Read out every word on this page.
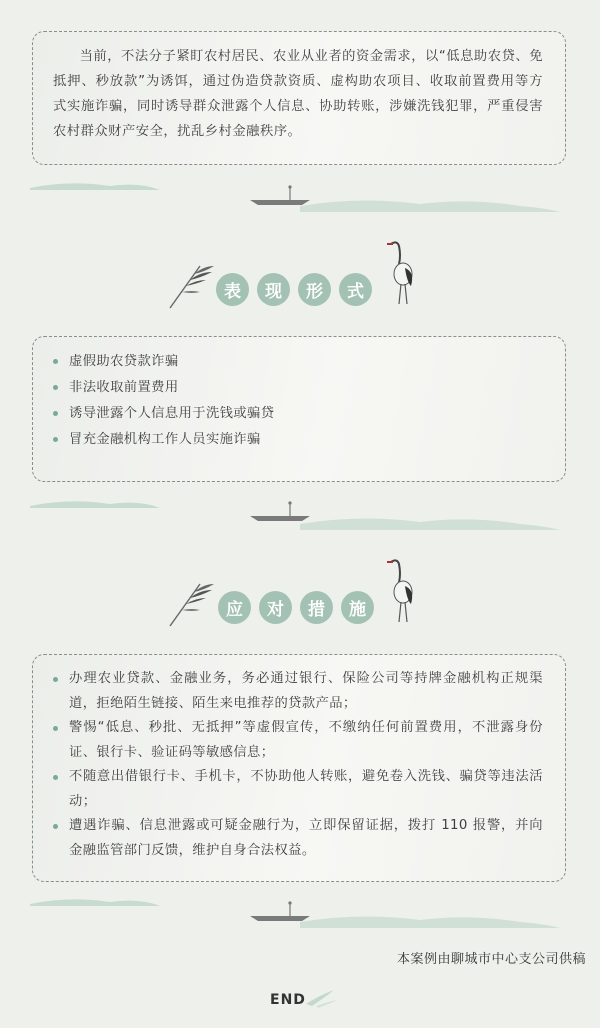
当前，不法分子紧盯农村居民、农业从业者的资金需求，以“低息助农贷、免抵押、秒放款”为诱饵，通过伪造贷款资质、虚构助农项目、收取前置费用等方式实施诈骗，同时诱导群众泄露个人信息、协助转账，涉嫌洗钱犯罪，严重侵害农村群众财产安全，扰乱乡村金融秩序。

表 现 形 式
虚假助农贷款诈骗
非法收取前置费用
诱导泄露个人信息用于洗钱或骗贷
冒充金融机构工作人员实施诈骗
应 对 措 施
办理农业贷款、金融业务，务必通过银行、保险公司等持牌金融机构正规渠道，拒绝陌生链接、陌生来电推荐的贷款产品；
警惕“低息、秒批、无抵押”等虚假宣传，不缴纳任何前置费用，不泄露身份证、银行卡、验证码等敏感信息；
不随意出借银行卡、手机卡，不协助他人转账，避免卷入洗钱、骗贷等违法活动；
遭遇诈骗、信息泄露或可疑金融行为，立即保留证据，拨打 110 报警，并向金融监管部门反馈，维护自身合法权益。
本案例由聊城市中心支公司供稿
END
